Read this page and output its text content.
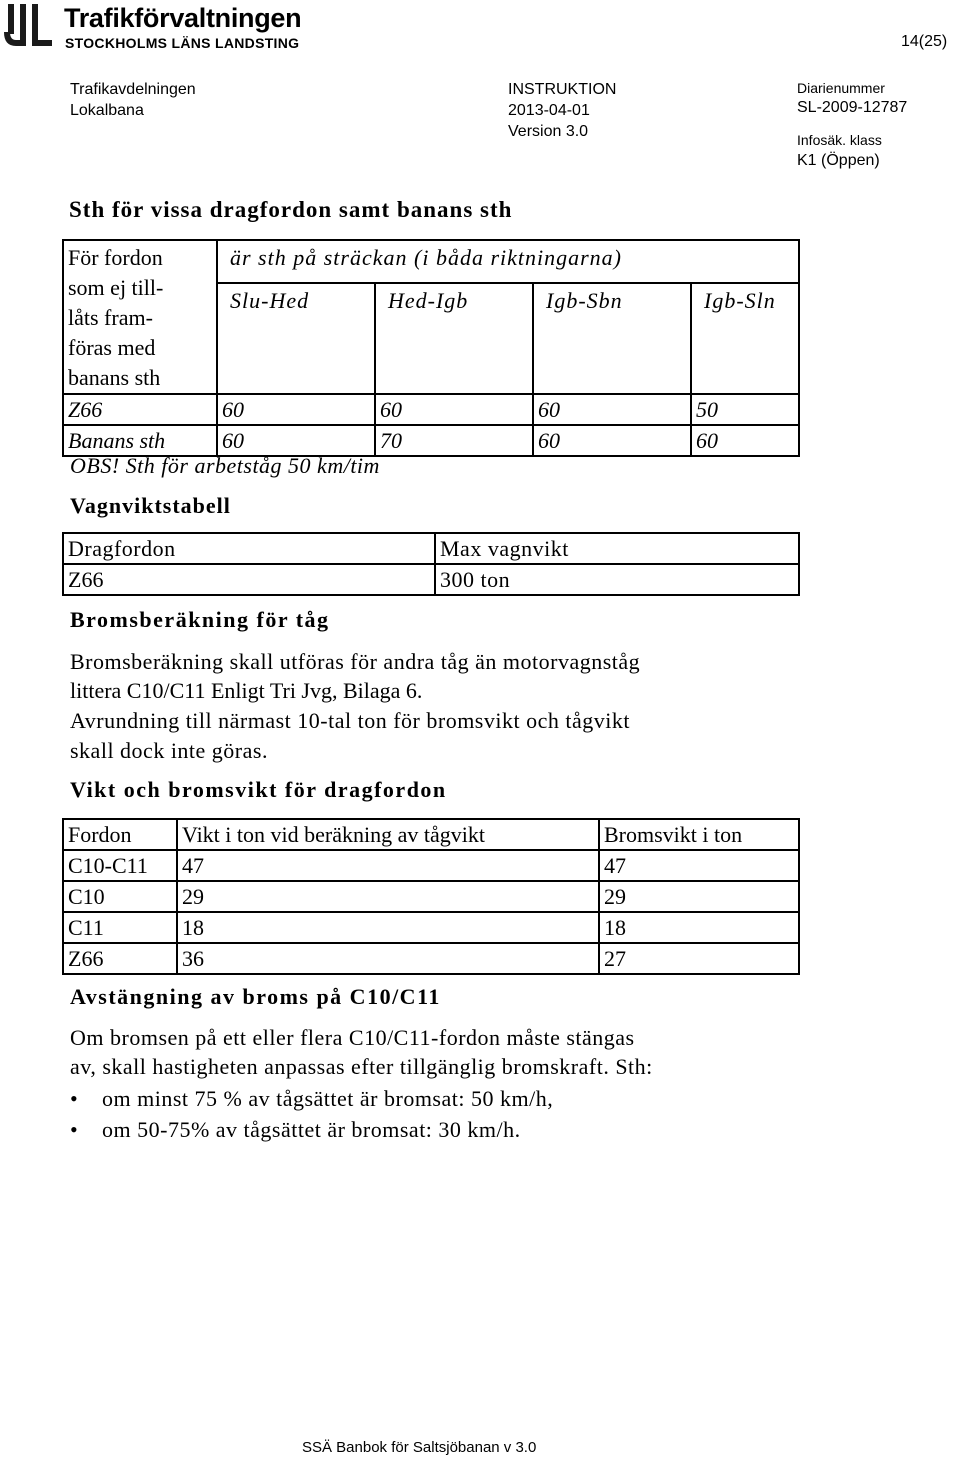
Trafikförvaltningen
STOCKHOLMS LÄNS LANDSTING	14(25)
Trafikavdelningen
Lokalbana
INSTRUKTION
2013-04-01
Version 3.0
Diarienummer
SL-2009-12787
Infosäk. klass
K1 (Öppen)
Sth för vissa dragfordon samt banans sth
För fordon
som ej till-
låts fram-
föras med
banans sth	är sth på sträckan (i båda riktningarna)			
	Slu-Hed	Hed-Igb	Igb-Sbn	Igb-Sln
Z66	60	60	60	50
Banans sth	60	70	60	60
OBS! Sth för arbetståg 50 km/tim
Vagnviktstabell
Dragfordon	Max vagnvikt
Z66	300 ton
Bromsberäkning för tåg
Bromsberäkning skall utföras för andra tåg än motorvagnståg
littera C10/C11 Enligt Tri Jvg, Bilaga 6.
Avrundning till närmast 10-tal ton för bromsvikt och tågvikt
skall dock inte göras.
Vikt och bromsvikt för dragfordon
Fordon	Vikt i ton vid beräkning av tågvikt	Bromsvikt i ton
C10-C11	47	47
C10	29	29
C11	18	18
Z66	36	27
Avstängning av broms på C10/C11
Om bromsen på ett eller flera C10/C11-fordon måste stängas
av, skall hastigheten anpassas efter tillgänglig bromskraft. Sth:
• om minst 75 % av tågsättet är bromsat: 50 km/h,
• om 50-75% av tågsättet är bromsat: 30 km/h.
SSÄ Banbok för Saltsjöbanan v 3.0
